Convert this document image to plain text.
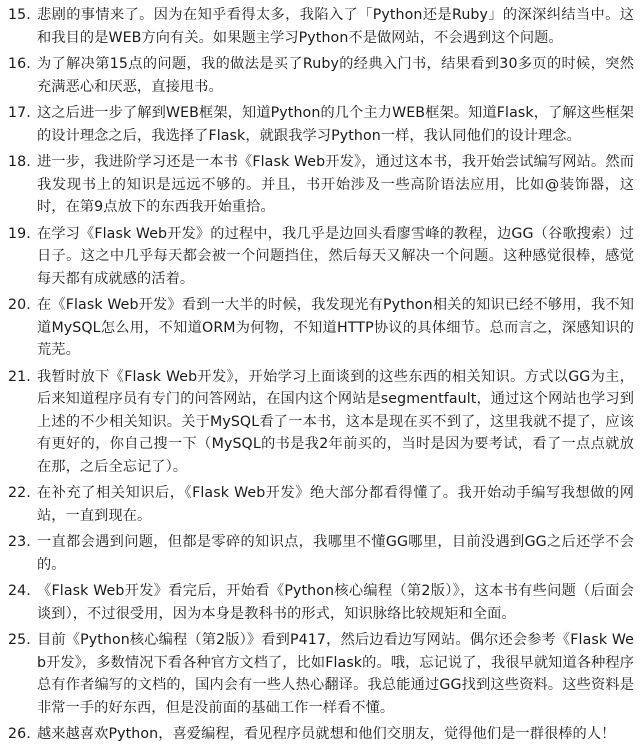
15. 悲剧的事情来了。因为在知乎看得太多，我陷入了「Python还是Ruby」的深深纠结当中。这和我目的是WEB方向有关。如果题主学习Python不是做网站，不会遇到这个问题。
16. 为了解决第15点的问题，我的做法是买了Ruby的经典入门书，结果看到30多页的时候，突然充满恶心和厌恶，直接甩书。
17. 这之后进一步了解到WEB框架，知道Python的几个主力WEB框架。知道Flask，了解这些框架的设计理念之后，我选择了Flask，就跟我学习Python一样，我认同他们的设计理念。
18. 进一步，我进阶学习还是一本书《Flask Web开发》，通过这本书，我开始尝试编写网站。然而我发现书上的知识是远远不够的。并且，书开始涉及一些高阶语法应用，比如@装饰器，这时，在第9点放下的东西我开始重拾。
19. 在学习《Flask Web开发》的过程中，我几乎是边回头看廖雪峰的教程，边GG（谷歌搜索）过日子。这之中几乎每天都会被一个问题挡住，然后每天又解决一个问题。这种感觉很棒，感觉每天都有成就感的活着。
20. 在《Flask Web开发》看到一大半的时候，我发现光有Python相关的知识已经不够用，我不知道MySQL怎么用，不知道ORM为何物，不知道HTTP协议的具体细节。总而言之，深感知识的荒芜。
21. 我暂时放下《Flask Web开发》，开始学习上面谈到的这些东西的相关知识。方式以GG为主，后来知道程序员有专门的问答网站，在国内这个网站是segmentfault，通过这个网站也学习到上述的不少相关知识。关于MySQL看了一本书，这本是现在买不到了，这里我就不提了，应该有更好的，你自己搜一下（MySQL的书是我2年前买的，当时是因为要考试，看了一点点就放在那，之后全忘记了）。
22. 在补充了相关知识后，《Flask Web开发》绝大部分都看得懂了。我开始动手编写我想做的网站，一直到现在。
23. 一直都会遇到问题，但都是零碎的知识点，我哪里不懂GG哪里，目前没遇到GG之后还学不会的。
24. 《Flask Web开发》看完后，开始看《Python核心编程（第2版）》，这本书有些问题（后面会谈到），不过很受用，因为本身是教科书的形式，知识脉络比较规矩和全面。
25. 目前《Python核心编程（第2版）》看到P417，然后边看边写网站。偶尔还会参考《Flask Web开发》，多数情况下看各种官方文档了，比如Flask的。哦，忘记说了，我很早就知道各种程序总有作者编写的文档的，国内会有一些人热心翻译。我总能通过GG找到这些资料。这些资料是非常一手的好东西，但是没前面的基础工作一样看不懂。
26. 越来越喜欢Python，喜爱编程，看见程序员就想和他们交朋友，觉得他们是一群很棒的人！
